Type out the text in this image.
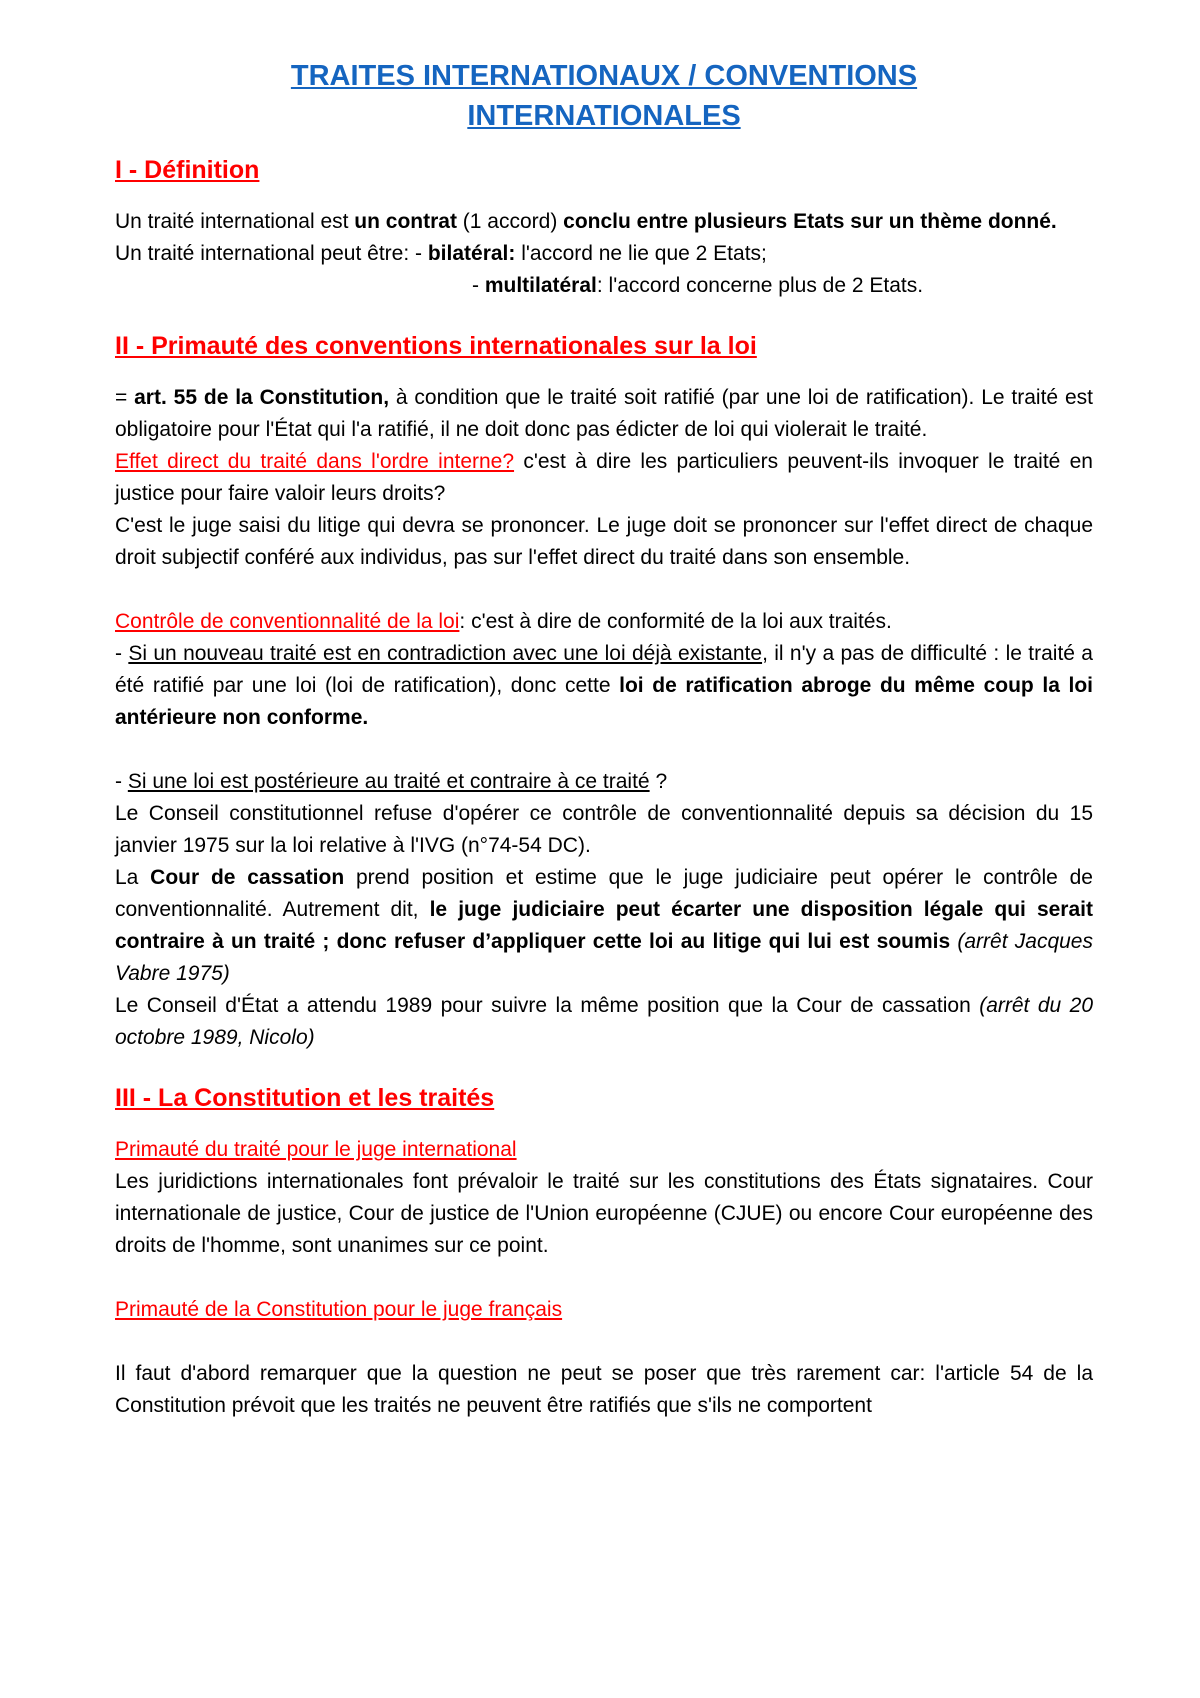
TRAITES INTERNATIONAUX / CONVENTIONS
INTERNATIONALES
I - Définition

Un traité international est un contrat (1 accord) conclu entre plusieurs Etats sur un thème donné.

Un traité international peut être: - bilatéral: l'accord ne lie que 2 Etats;

- multilatéral: l'accord concerne plus de 2 Etats.

II - Primauté des conventions internationales sur la loi

= art. 55 de la Constitution, à condition que le traité soit ratifié (par une loi de ratification). Le traité est obligatoire pour l'État qui l'a ratifié, il ne doit donc pas édicter de loi qui violerait le traité.

Effet direct du traité dans l'ordre interne? c'est à dire les particuliers peuvent-ils invoquer le traité en justice pour faire valoir leurs droits?

C'est le juge saisi du litige qui devra se prononcer. Le juge doit se prononcer sur l'effet direct de chaque droit subjectif conféré aux individus, pas sur l'effet direct du traité dans son ensemble.

Contrôle de conventionnalité de la loi: c'est à dire de conformité de la loi aux traités.

- Si un nouveau traité est en contradiction avec une loi déjà existante, il n'y a pas de difficulté : le traité a été ratifié par une loi (loi de ratification), donc cette loi de ratification abroge du même coup la loi antérieure non conforme.

- Si une loi est postérieure au traité et contraire à ce traité ?

Le Conseil constitutionnel refuse d'opérer ce contrôle de conventionnalité depuis sa décision du 15 janvier 1975 sur la loi relative à l'IVG (n°74-54 DC).

La Cour de cassation prend position et estime que le juge judiciaire peut opérer le contrôle de conventionnalité. Autrement dit, le juge judiciaire peut écarter une disposition légale qui serait contraire à un traité ; donc refuser d’appliquer cette loi au litige qui lui est soumis (arrêt Jacques Vabre 1975)

Le Conseil d'État a attendu 1989 pour suivre la même position que la Cour de cassation (arrêt du 20 octobre 1989, Nicolo)

III - La Constitution et les traités

Primauté du traité pour le juge international

Les juridictions internationales font prévaloir le traité sur les constitutions des États signataires. Cour internationale de justice, Cour de justice de l'Union européenne (CJUE) ou encore Cour européenne des droits de l'homme, sont unanimes sur ce point.

Primauté de la Constitution pour le juge français

Il faut d'abord remarquer que la question ne peut se poser que très rarement car: l'article 54 de la Constitution prévoit que les traités ne peuvent être ratifiés que s'ils ne comportent
